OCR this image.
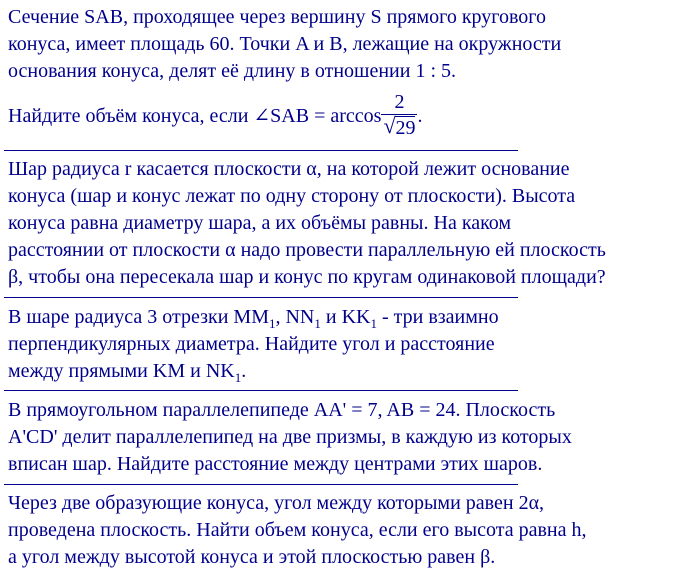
Сечение SAB, проходящее через вершину S прямого кругового
конуса, имеет площадь 60. Точки A и B, лежащие на окружности
основания конуса, делят её длину в отношении 1 : 5.
Найдите объём конуса, если ∠SAB = $\arccos \frac{2}{√ 29}$ .
Шар радиуса r касается плоскости α, на которой лежит основание
конуса (шар и конус лежат по одну сторону от плоскости). Высота
конуса равна диаметру шара, а их объёмы равны. На каком
расстоянии от плоскости α надо провести параллельную ей плоскость
β, чтобы она пересекала шар и конус по кругам одинаковой площади?
В шаре радиуса 3 отрезки $MM_1$, $NN_1$ и $KK_1$ - три взаимно
перпендикулярных диаметра. Найдите угол и расстояние
между прямыми KM и $NK_1$.
В прямоугольном параллелепипеде AA' = 7, AB = 24. Плоскость
A'CD' делит параллелепипед на две призмы, в каждую из которых
вписан шар. Найдите расстояние между центрами этих шаров.
Через две образующие конуса, угол между которыми равен 2α,
проведена плоскость. Найти объем конуса, если его высота равна h,
а угол между высотой конуса и этой плоскостью равен β.
